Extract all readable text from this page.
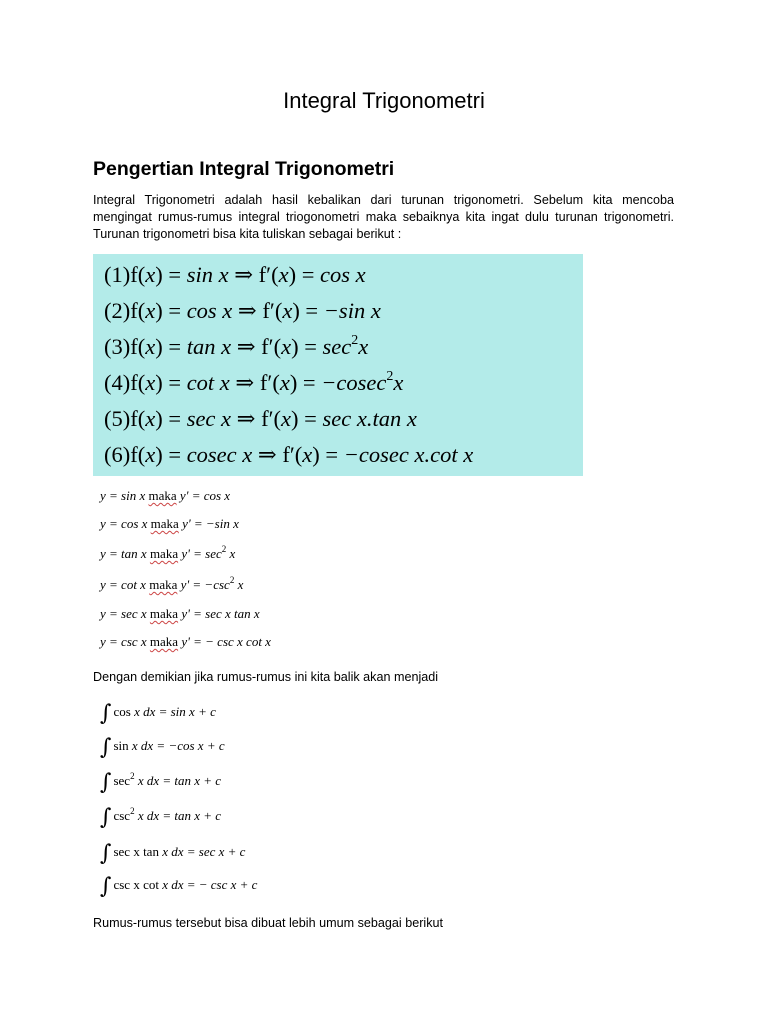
Integral Trigonometri
Pengertian Integral Trigonometri

Integral Trigonometri adalah hasil kebalikan dari turunan trigonometri. Sebelum kita mencoba mengingat rumus-rumus integral triogonometri maka sebaiknya kita ingat dulu turunan trigonometri. Turunan trigonometri bisa kita tuliskan sebagai berikut :

(1)f(x) = sin x ⇒ f′(x) = cos x
(2)f(x) = cos x ⇒ f′(x) = −sin x
(3)f(x) = tan x ⇒ $f'(x) = \sec^2x$
(4)f(x) = cot x ⇒ f′(x) = −cosec$^2$x
(5)f(x) = sec x ⇒ f′(x) = sec x.tan x
(6)f(x) = cosec x ⇒ f′(x) = −cosec x.cot x
y = sin x maka y' = cos x
y = cos x maka y' = −sin x
y = tan x maka $y' = \sec^2 x$
y = cot x maka $y' = -\csc^2$ x
y = sec x maka y' = sec x tan x
y = csc x maka y' = − csc x cot x

Dengan demikian jika rumus-rumus ini kita balik akan menjadi

∫ cos x dx = sin x + c
∫ sin x dx = −cos x + c
∫ $\sec^2 x$ dx = tan x + c
∫ $\csc^2 x$ dx = tan x + c
∫ sec x tan x dx = sec x + c
∫ csc x cot x dx = − csc x + c

Rumus-rumus tersebut bisa dibuat lebih umum sebagai berikut
